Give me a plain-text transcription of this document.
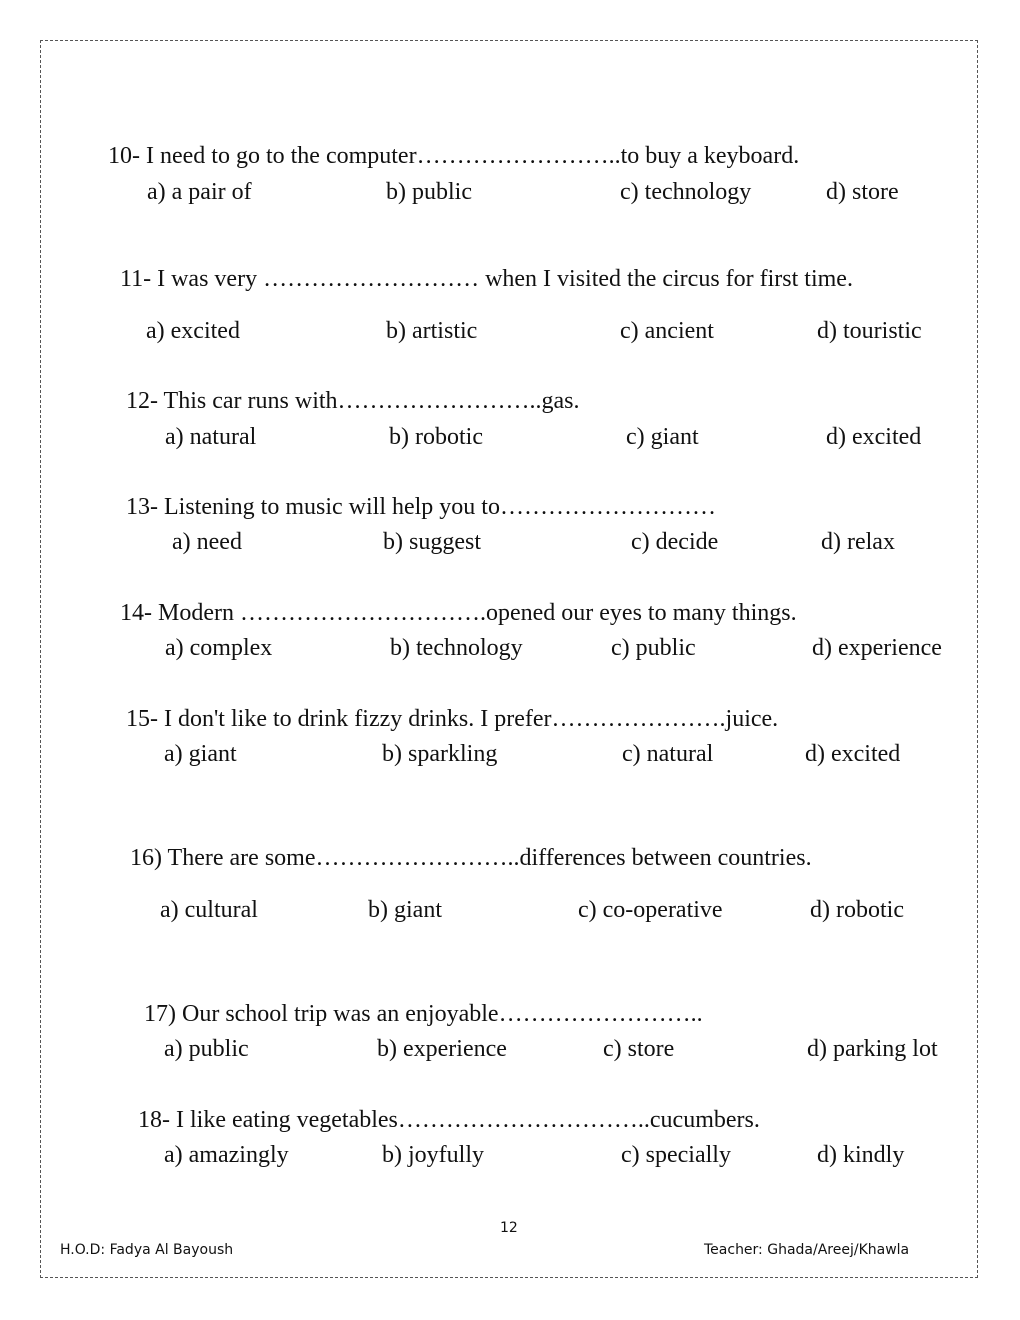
10- I need to go to the computer……………………..to buy a keyboard.
a) a pair of	b) public	c) technology	d) store
11- I was very ……………………… when I visited the circus for first time.
a) excited	b) artistic	c) ancient	d) touristic
12- This car runs with……………………..gas.
a) natural	b) robotic	c) giant	d) excited
13- Listening to music will help you to………………………
a) need	b) suggest	c) decide	d) relax
14- Modern ………………………….opened our eyes to many things.
a) complex	b) technology	c) public	d) experience
15- I don't like to drink fizzy drinks. I prefer………………….juice.
a) giant	b) sparkling	c) natural	d) excited
16) There are some……………………..differences between countries.
a) cultural	b) giant	c) co-operative	d) robotic
17) Our school trip was an enjoyable……………………..
a) public	b) experience	c) store	d) parking lot
18- I like eating vegetables…………………………..cucumbers.
a) amazingly	b) joyfully	c) specially	d) kindly
12
H.O.D: Fadya Al Bayoush	Teacher: Ghada/Areej/Khawla
